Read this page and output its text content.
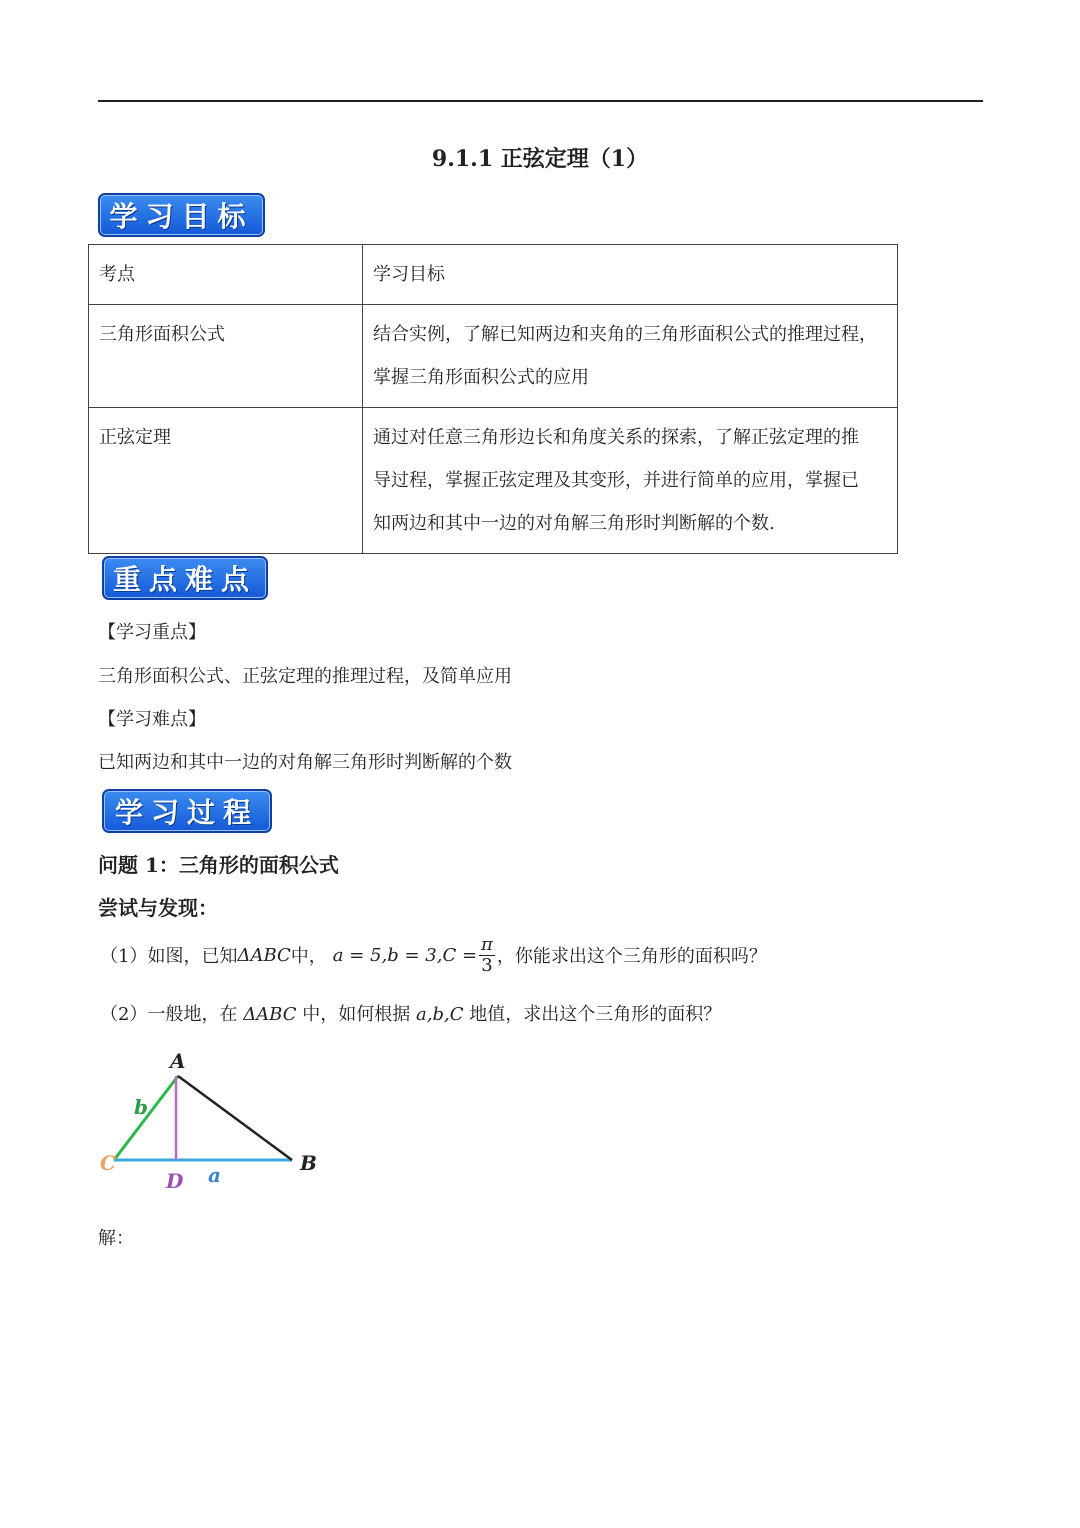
9.1.1 正弦定理（1）
学习目标
考点	学习目标
三角形面积公式	结合实例，了解已知两边和夹角的三角形面积公式的推理过程，
掌握三角形面积公式的应用

正弦定理	通过对任意三角形边长和角度关系的探索，了解正弦定理的推
导过程，掌握正弦定理及其变形，并进行简单的应用，掌握已
知两边和其中一边的对角解三角形时判断解的个数.
重点难点
【学习重点】
三角形面积公式、正弦定理的推理过程，及简单应用
【学习难点】
已知两边和其中一边的对角解三角形时判断解的个数
学习过程
问题 1：三角形的面积公式
尝试与发现：
（1）如图，已知 ΔABC 中， $a = 5,b = 3,C = \frac{\pi}{3}$ ，你能求出这个三角形的面积吗？
（2）一般地，在 ΔABC 中，如何根据 a,b,C 地值，求出这个三角形的面积？
A
b
C
D a	B
解：
